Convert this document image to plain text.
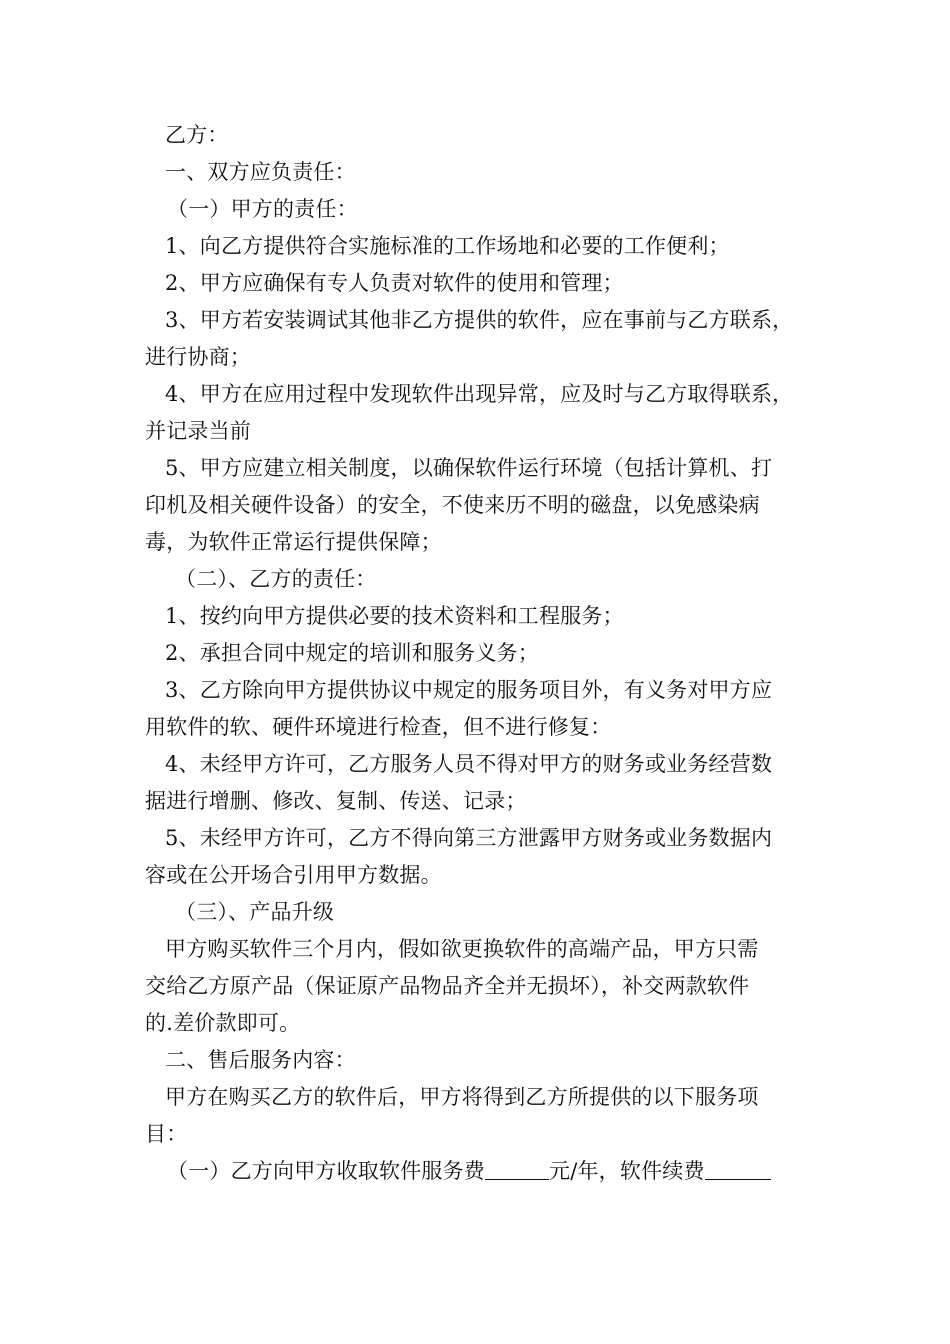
乙方：
一、双方应负责任：
（一）甲方的责任：
1、向乙方提供符合实施标准的工作场地和必要的工作便利；
2、甲方应确保有专人负责对软件的使用和管理；
3、甲方若安装调试其他非乙方提供的软件，应在事前与乙方联系，
进行协商；
4、甲方在应用过程中发现软件出现异常，应及时与乙方取得联系，
并记录当前
5、甲方应建立相关制度，以确保软件运行环境（包括计算机、打
印机及相关硬件设备）的安全，不使来历不明的磁盘，以免感染病
毒，为软件正常运行提供保障；
（二）、乙方的责任：
1、按约向甲方提供必要的技术资料和工程服务；
2、承担合同中规定的培训和服务义务；
3、乙方除向甲方提供协议中规定的服务项目外，有义务对甲方应
用软件的软、硬件环境进行检查，但不进行修复：
4、未经甲方许可，乙方服务人员不得对甲方的财务或业务经营数
据进行增删、修改、复制、传送、记录；
5、未经甲方许可，乙方不得向第三方泄露甲方财务或业务数据内
容或在公开场合引用甲方数据。
（三）、产品升级
甲方购买软件三个月内，假如欲更换软件的高端产品，甲方只需
交给乙方原产品（保证原产品物品齐全并无损坏），补交两款软件
的.差价款即可。
二、售后服务内容：
甲方在购买乙方的软件后，甲方将得到乙方所提供的以下服务项
目：
（一）乙方向甲方收取软件服务费	元/年，软件续费
